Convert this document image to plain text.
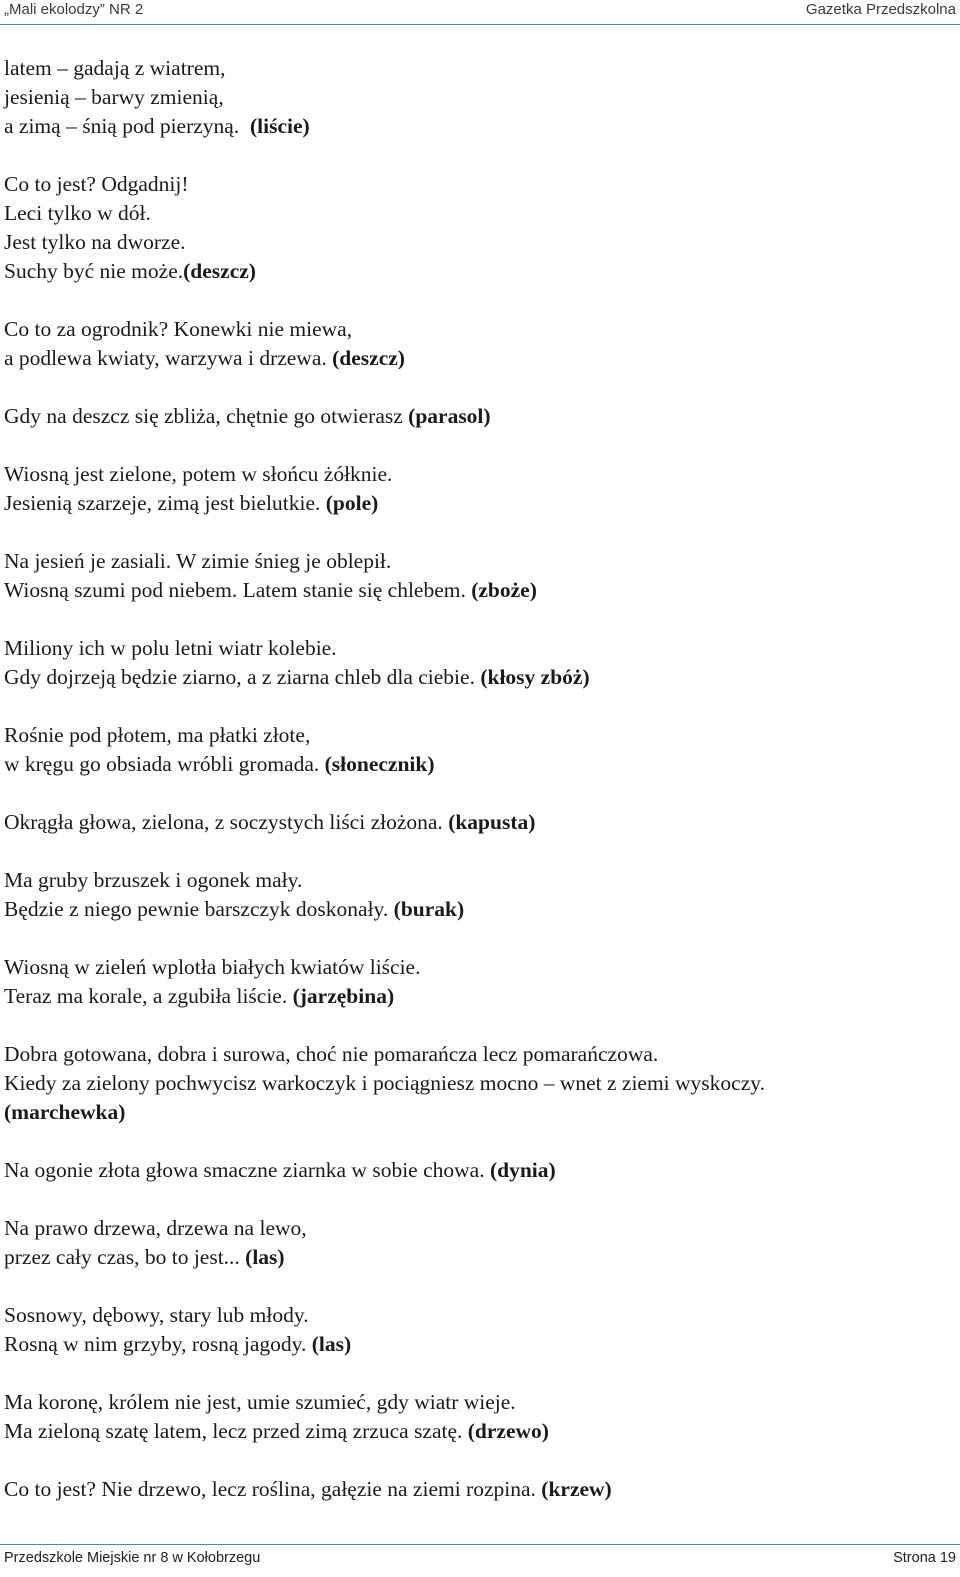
„Mali ekolodzy” NR 2	Gazetka Przedszkolna
latem – gadają z wiatrem,
jesienią – barwy zmienią,
a zimą – śnią pod pierzyną. (liście)
Co to jest? Odgadnij!
Leci tylko w dół.
Jest tylko na dworze.
Suchy być nie może.(deszcz)
Co to za ogrodnik? Konewki nie miewa,
a podlewa kwiaty, warzywa i drzewa. (deszcz)
Gdy na deszcz się zbliża, chętnie go otwierasz (parasol)
Wiosną jest zielone, potem w słońcu żółknie.
Jesienią szarzeje, zimą jest bielutkie. (pole)
Na jesień je zasiali. W zimie śnieg je oblepił.
Wiosną szumi pod niebem. Latem stanie się chlebem. (zboże)
Miliony ich w polu letni wiatr kolebie.
Gdy dojrzeją będzie ziarno, a z ziarna chleb dla ciebie. (kłosy zbóż)
Rośnie pod płotem, ma płatki złote,
w kręgu go obsiada wróbli gromada. (słonecznik)
Okrągła głowa, zielona, z soczystych liści złożona. (kapusta)
Ma gruby brzuszek i ogonek mały.
Będzie z niego pewnie barszczyk doskonały. (burak)
Wiosną w zieleń wplotła białych kwiatów liście.
Teraz ma korale, a zgubiła liście. (jarzębina)
Dobra gotowana, dobra i surowa, choć nie pomarańcza lecz pomarańczowa.
Kiedy za zielony pochwycisz warkoczyk i pociągniesz mocno – wnet z ziemi wyskoczy.
(marchewka)
Na ogonie złota głowa smaczne ziarnka w sobie chowa. (dynia)
Na prawo drzewa, drzewa na lewo,
przez cały czas, bo to jest... (las)
Sosnowy, dębowy, stary lub młody.
Rosną w nim grzyby, rosną jagody. (las)
Ma koronę, królem nie jest, umie szumieć, gdy wiatr wieje.
Ma zieloną szatę latem, lecz przed zimą zrzuca szatę. (drzewo)
Co to jest? Nie drzewo, lecz roślina, gałęzie na ziemi rozpina. (krzew)
Przedszkole Miejskie nr 8 w Kołobrzegu	Strona 19
